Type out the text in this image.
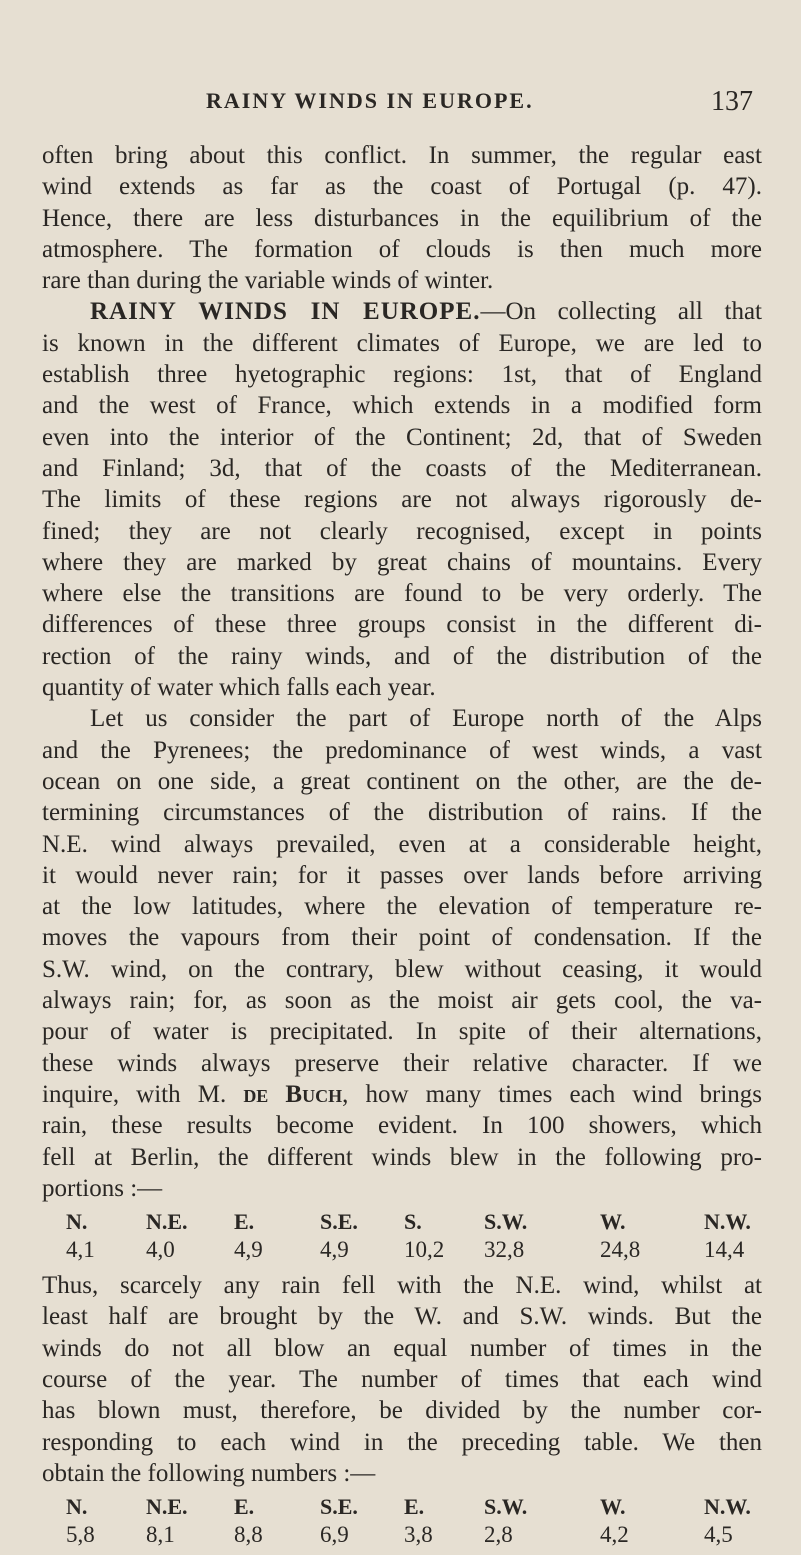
RAINY WINDS IN EUROPE.	137
often bring about this conflict. In summer, the regular east
wind extends as far as the coast of Portugal (p. 47).
Hence, there are less disturbances in the equilibrium of the
atmosphere. The formation of clouds is then much more
rare than during the variable winds of winter.
RAINY WINDS IN EUROPE.—On collecting all that
is known in the different climates of Europe, we are led to
establish three hyetographic regions: 1st, that of England
and the west of France, which extends in a modified form
even into the interior of the Continent; 2d, that of Sweden
and Finland; 3d, that of the coasts of the Mediterranean.
The limits of these regions are not always rigorously de-
fined; they are not clearly recognised, except in points
where they are marked by great chains of mountains. Every
where else the transitions are found to be very orderly. The
differences of these three groups consist in the different di-
rection of the rainy winds, and of the distribution of the
quantity of water which falls each year.
Let us consider the part of Europe north of the Alps
and the Pyrenees; the predominance of west winds, a vast
ocean on one side, a great continent on the other, are the de-
termining circumstances of the distribution of rains. If the
N.E. wind always prevailed, even at a considerable height,
it would never rain; for it passes over lands before arriving
at the low latitudes, where the elevation of temperature re-
moves the vapours from their point of condensation. If the
S.W. wind, on the contrary, blew without ceasing, it would
always rain; for, as soon as the moist air gets cool, the va-
pour of water is precipitated. In spite of their alternations,
these winds always preserve their relative character. If we
inquire, with M. de Buch, how many times each wind brings
rain, these results become evident. In 100 showers, which
fell at Berlin, the different winds blew in the following pro-
portions :—
N.	N.E.	E.	S.E.	S.	S.W.	W.	N.W.
4,1	4,0	4,9	4,9	10,2	32,8	24,8	14,4
Thus, scarcely any rain fell with the N.E. wind, whilst at
least half are brought by the W. and S.W. winds. But the
winds do not all blow an equal number of times in the
course of the year. The number of times that each wind
has blown must, therefore, be divided by the number cor-
responding to each wind in the preceding table. We then
obtain the following numbers :—
N.	N.E.	E.	S.E.	E.	S.W.	W.	N.W.
5,8	8,1	8,8	6,9	3,8	2,8	4,2	4,5
